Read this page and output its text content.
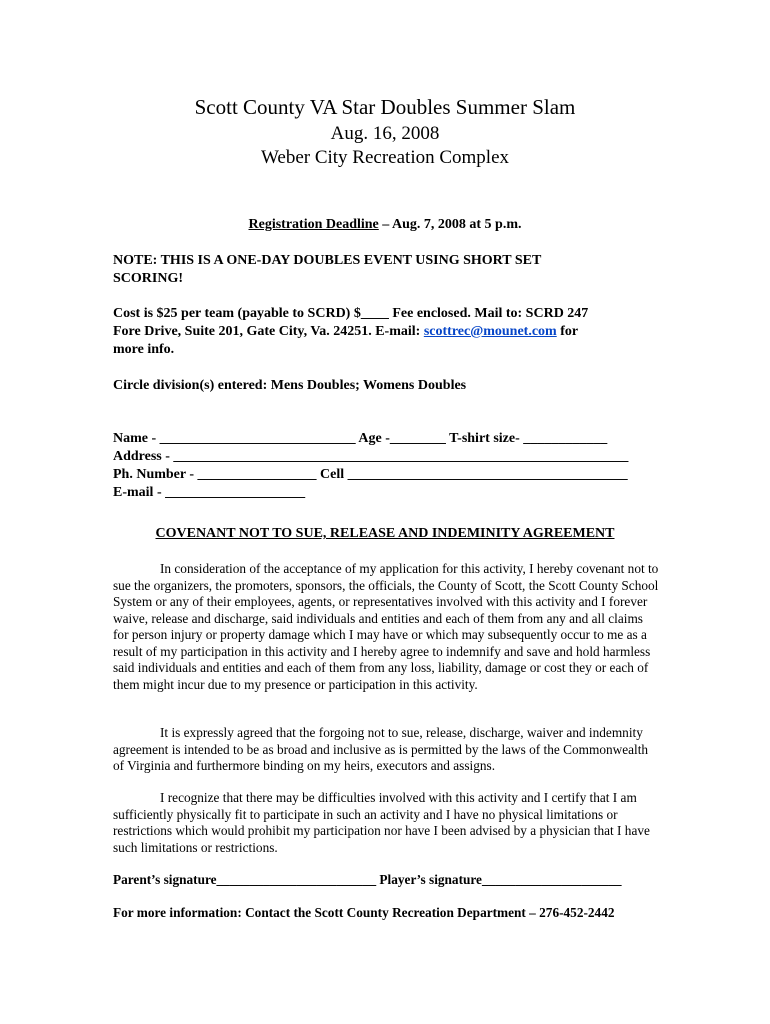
Scott County VA Star Doubles Summer Slam
Aug. 16, 2008
Weber City Recreation Complex
Registration Deadline – Aug. 7, 2008 at 5 p.m.
NOTE: THIS IS A ONE-DAY DOUBLES EVENT USING SHORT SET
SCORING!
Cost is $25 per team (payable to SCRD) $____ Fee enclosed. Mail to: SCRD 247
Fore Drive, Suite 201, Gate City, Va. 24251. E-mail: scottrec@mounet.com for
more info.
Circle division(s) entered: Mens Doubles; Womens Doubles
Name - ____________________________ Age -________ T-shirt size- ____________
Address - _________________________________________________________________
Ph. Number - _________________ Cell ________________________________________
E-mail - ____________________
COVENANT NOT TO SUE, RELEASE AND INDEMINITY AGREEMENT
In consideration of the acceptance of my application for this activity, I hereby covenant not to sue the organizers, the promoters, sponsors, the officials, the County of Scott, the Scott County School System or any of their employees, agents, or representatives involved with this activity and I forever waive, release and discharge, said individuals and entities and each of them from any and all claims for person injury or property damage which I may have or which may subsequently occur to me as a result of my participation in this activity and I hereby agree to indemnify and save and hold harmless said individuals and entities and each of them from any loss, liability, damage or cost they or each of them might incur due to my presence or participation in this activity.
It is expressly agreed that the forgoing not to sue, release, discharge, waiver and indemnity agreement is intended to be as broad and inclusive as is permitted by the laws of the Commonwealth of Virginia and furthermore binding on my heirs, executors and assigns.
I recognize that there may be difficulties involved with this activity and I certify that I am sufficiently physically fit to participate in such an activity and I have no physical limitations or restrictions which would prohibit my participation nor have I been advised by a physician that I have such limitations or restrictions.
Parent’s signature________________________ Player’s signature_____________________
For more information: Contact the Scott County Recreation Department – 276-452-2442
